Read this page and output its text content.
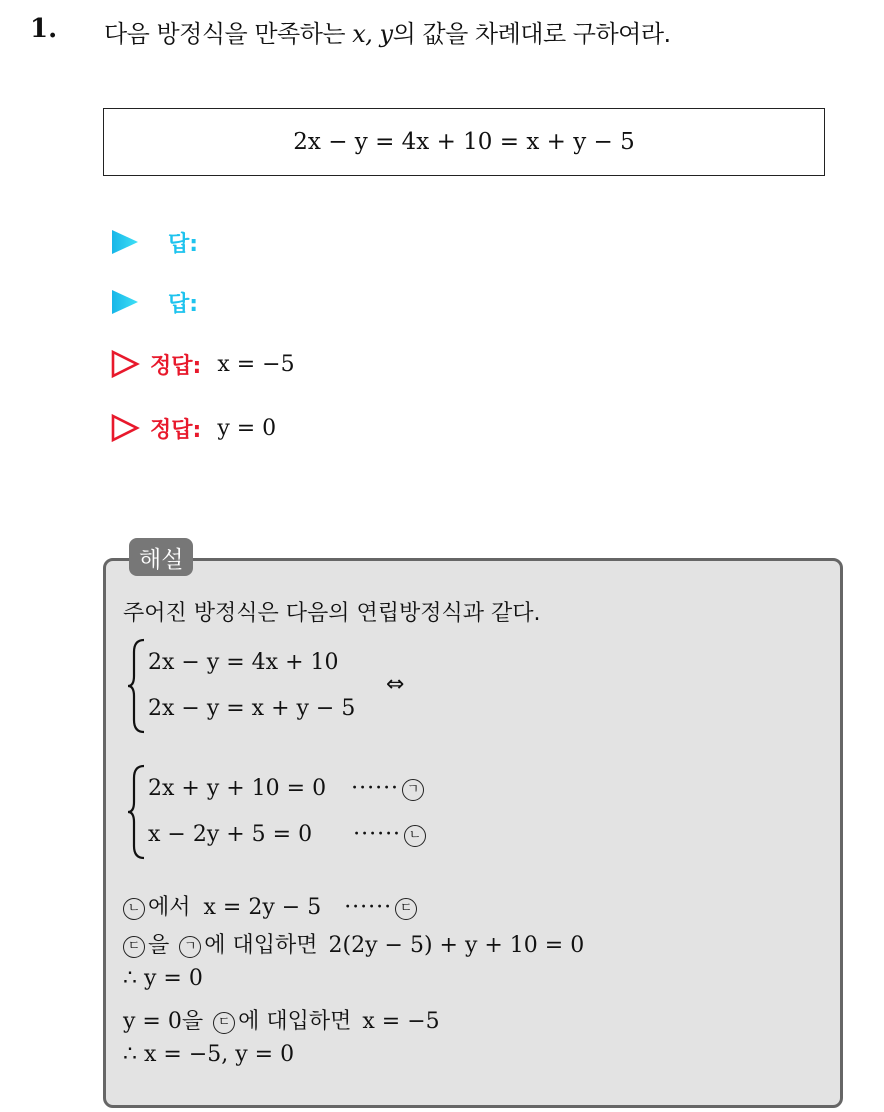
1. 다음 방정식을 만족하는 x, y의 값을 차례대로 구하여라.
2x − y = 4x + 10 = x + y − 5
답:
답:
정답: x = −5
정답: y = 0
해설
주어진 방정식은 다음의 연립방정식과 같다.
2x − y = 4x + 10
2x − y = x + y − 5
⇔
2x + y + 10 = 0 ······ ㄱ
x − 2y + 5 = 0 ······ ㄴ
ㄴ 에서 x = 2y − 5 ······ ㄷ
ㄷ 을 ㄱ 에 대입하면 2(2y − 5) + y + 10 = 0
∴ y = 0
y = 0을 ㄷ 에 대입하면 x = −5
∴ x = −5, y = 0
